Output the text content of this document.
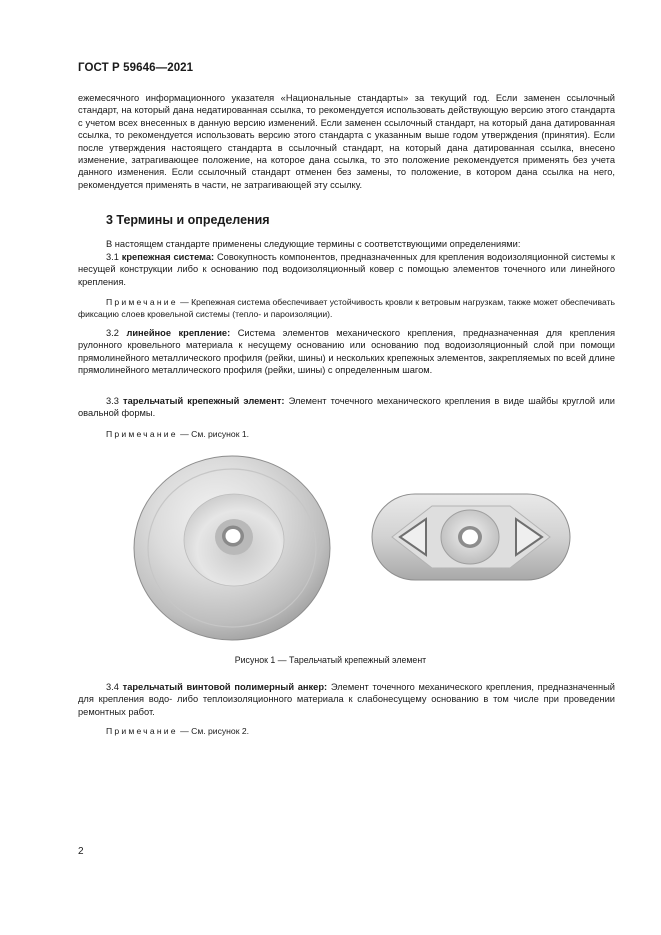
ГОСТ Р 59646—2021
ежемесячного информационного указателя «Национальные стандарты» за текущий год. Если заменен ссылочный стандарт, на который дана недатированная ссылка, то рекомендуется использовать действующую версию этого стандарта с учетом всех внесенных в данную версию изменений. Если заменен ссылочный стандарт, на который дана датированная ссылка, то рекомендуется использовать версию этого стандарта с указанным выше годом утверждения (принятия). Если после утверждения настоящего стандарта в ссылочный стандарт, на который дана датированная ссылка, внесено изменение, затрагивающее положение, на которое дана ссылка, то это положение рекомендуется применять без учета данного изменения. Если ссылочный стандарт отменен без замены, то положение, в котором дана ссылка на него, рекомендуется применять в части, не затрагивающей эту ссылку.
3 Термины и определения
В настоящем стандарте применены следующие термины с соответствующими определениями:
3.1 крепежная система: Совокупность компонентов, предназначенных для крепления водоизоляционной системы к несущей конструкции либо к основанию под водоизоляционный ковер с помощью элементов точечного или линейного крепления.
Примечание — Крепежная система обеспечивает устойчивость кровли к ветровым нагрузкам, также может обеспечивать фиксацию слоев кровельной системы (тепло- и пароизоляции).
3.2 линейное крепление: Система элементов механического крепления, предназначенная для крепления рулонного кровельного материала к несущему основанию или основанию под водоизоляционный слой при помощи прямолинейного металлического профиля (рейки, шины) и нескольких крепежных элементов, закрепляемых по всей длине прямолинейного металлического профиля (рейки, шины) с определенным шагом.
3.3 тарельчатый крепежный элемент: Элемент точечного механического крепления в виде шайбы круглой или овальной формы.
Примечание — См. рисунок 1.
Рисунок 1 — Тарельчатый крепежный элемент
3.4 тарельчатый винтовой полимерный анкер: Элемент точечного механического крепления, предназначенный для крепления водо- либо теплоизоляционного материала к слабонесущему основанию в том числе при проведении ремонтных работ.
Примечание — См. рисунок 2.
2
